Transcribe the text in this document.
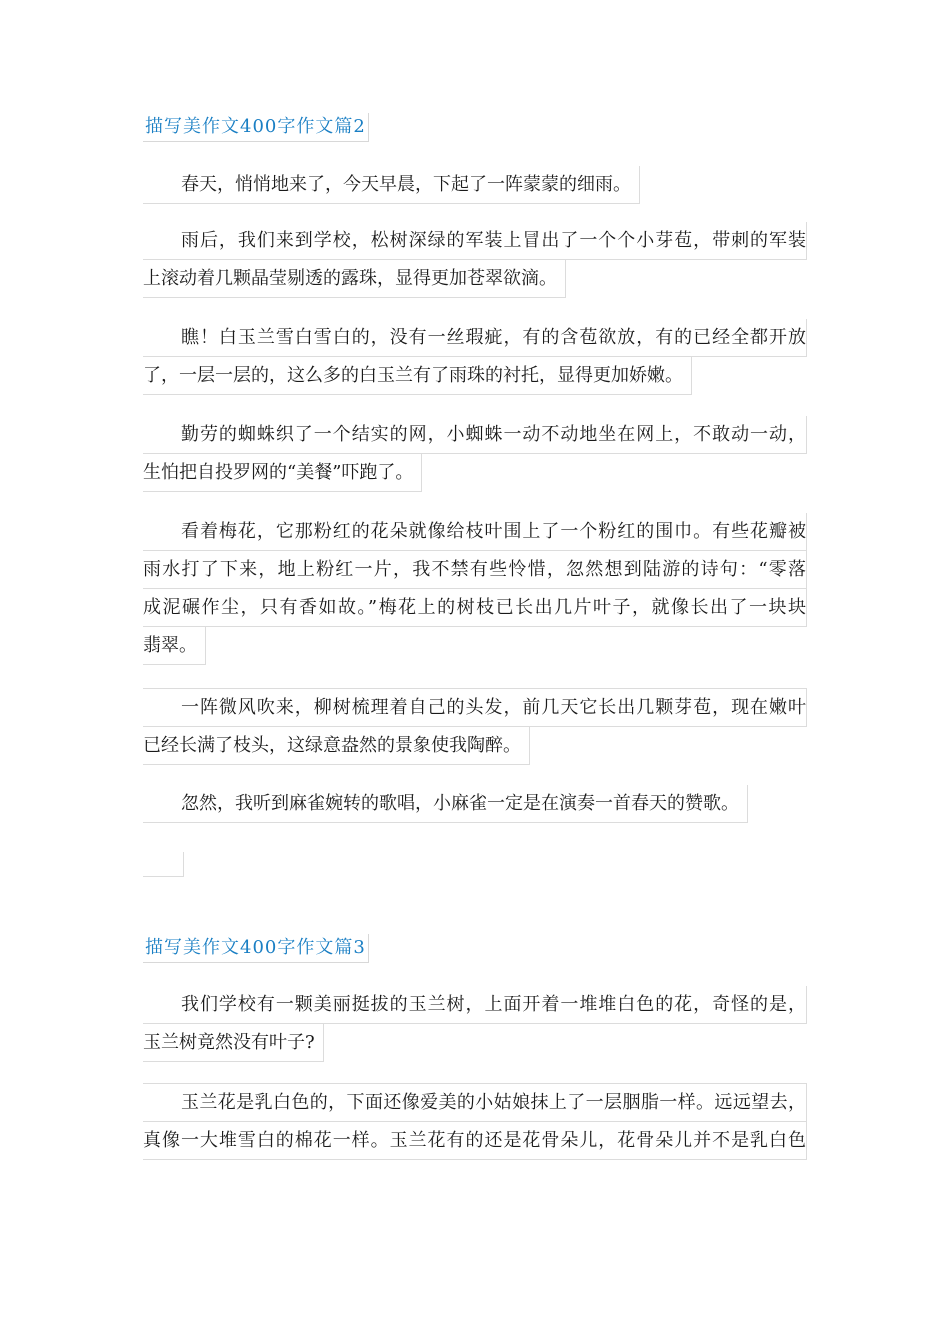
描写美作文400字作文篇2
春天，悄悄地来了，今天早晨，下起了一阵蒙蒙的细雨。
雨后，我们来到学校，松树深绿的军装上冒出了一个个小芽苞，带刺的军装
上滚动着几颗晶莹剔透的露珠，显得更加苍翠欲滴。
瞧！白玉兰雪白雪白的，没有一丝瑕疵，有的含苞欲放，有的已经全都开放
了，一层一层的，这么多的白玉兰有了雨珠的衬托，显得更加娇嫩。
勤劳的蜘蛛织了一个结实的网，小蜘蛛一动不动地坐在网上，不敢动一动，
生怕把自投罗网的“美餐”吓跑了。
看着梅花，它那粉红的花朵就像给枝叶围上了一个粉红的围巾。有些花瓣被
雨水打了下来，地上粉红一片，我不禁有些怜惜，忽然想到陆游的诗句：“零落
成泥碾作尘，只有香如故。”梅花上的树枝已长出几片叶子，就像长出了一块块
翡翠。
一阵微风吹来，柳树梳理着自己的头发，前几天它长出几颗芽苞，现在嫩叶
已经长满了枝头，这绿意盎然的景象使我陶醉。
忽然，我听到麻雀婉转的歌唱，小麻雀一定是在演奏一首春天的赞歌。
描写美作文400字作文篇3
我们学校有一颗美丽挺拔的玉兰树，上面开着一堆堆白色的花，奇怪的是，
玉兰树竟然没有叶子?
玉兰花是乳白色的，下面还像爱美的小姑娘抹上了一层胭脂一样。远远望去，
真像一大堆雪白的棉花一样。玉兰花有的还是花骨朵儿，花骨朵儿并不是乳白色
